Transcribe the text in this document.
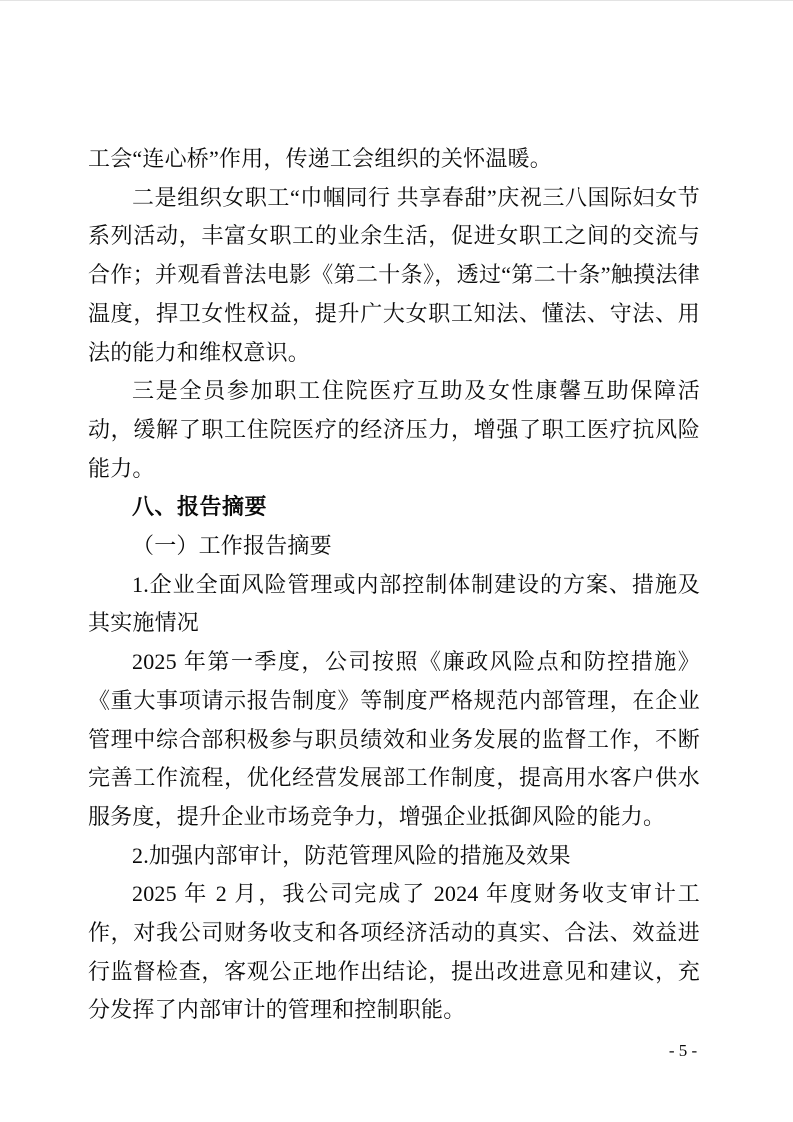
工会“连心桥”作用，传递工会组织的关怀温暖。

二是组织女职工“巾帼同行 共享春甜”庆祝三八国际妇女节系列活动，丰富女职工的业余生活，促进女职工之间的交流与合作；并观看普法电影《第二十条》，透过“第二十条”触摸法律温度，捍卫女性权益，提升广大女职工知法、懂法、守法、用法的能力和维权意识。

三是全员参加职工住院医疗互助及女性康馨互助保障活动，缓解了职工住院医疗的经济压力，增强了职工医疗抗风险能力。

八、报告摘要

（一）工作报告摘要

1.企业全面风险管理或内部控制体制建设的方案、措施及其实施情况

2025 年第一季度，公司按照《廉政风险点和防控措施》《重大事项请示报告制度》等制度严格规范内部管理，在企业管理中综合部积极参与职员绩效和业务发展的监督工作，不断完善工作流程，优化经营发展部工作制度，提高用水客户供水服务度，提升企业市场竞争力，增强企业抵御风险的能力。

2.加强内部审计，防范管理风险的措施及效果

2025 年 2 月，我公司完成了 2024 年度财务收支审计工作，对我公司财务收支和各项经济活动的真实、合法、效益进行监督检查，客观公正地作出结论，提出改进意见和建议，充分发挥了内部审计的管理和控制职能。

- 5 -
